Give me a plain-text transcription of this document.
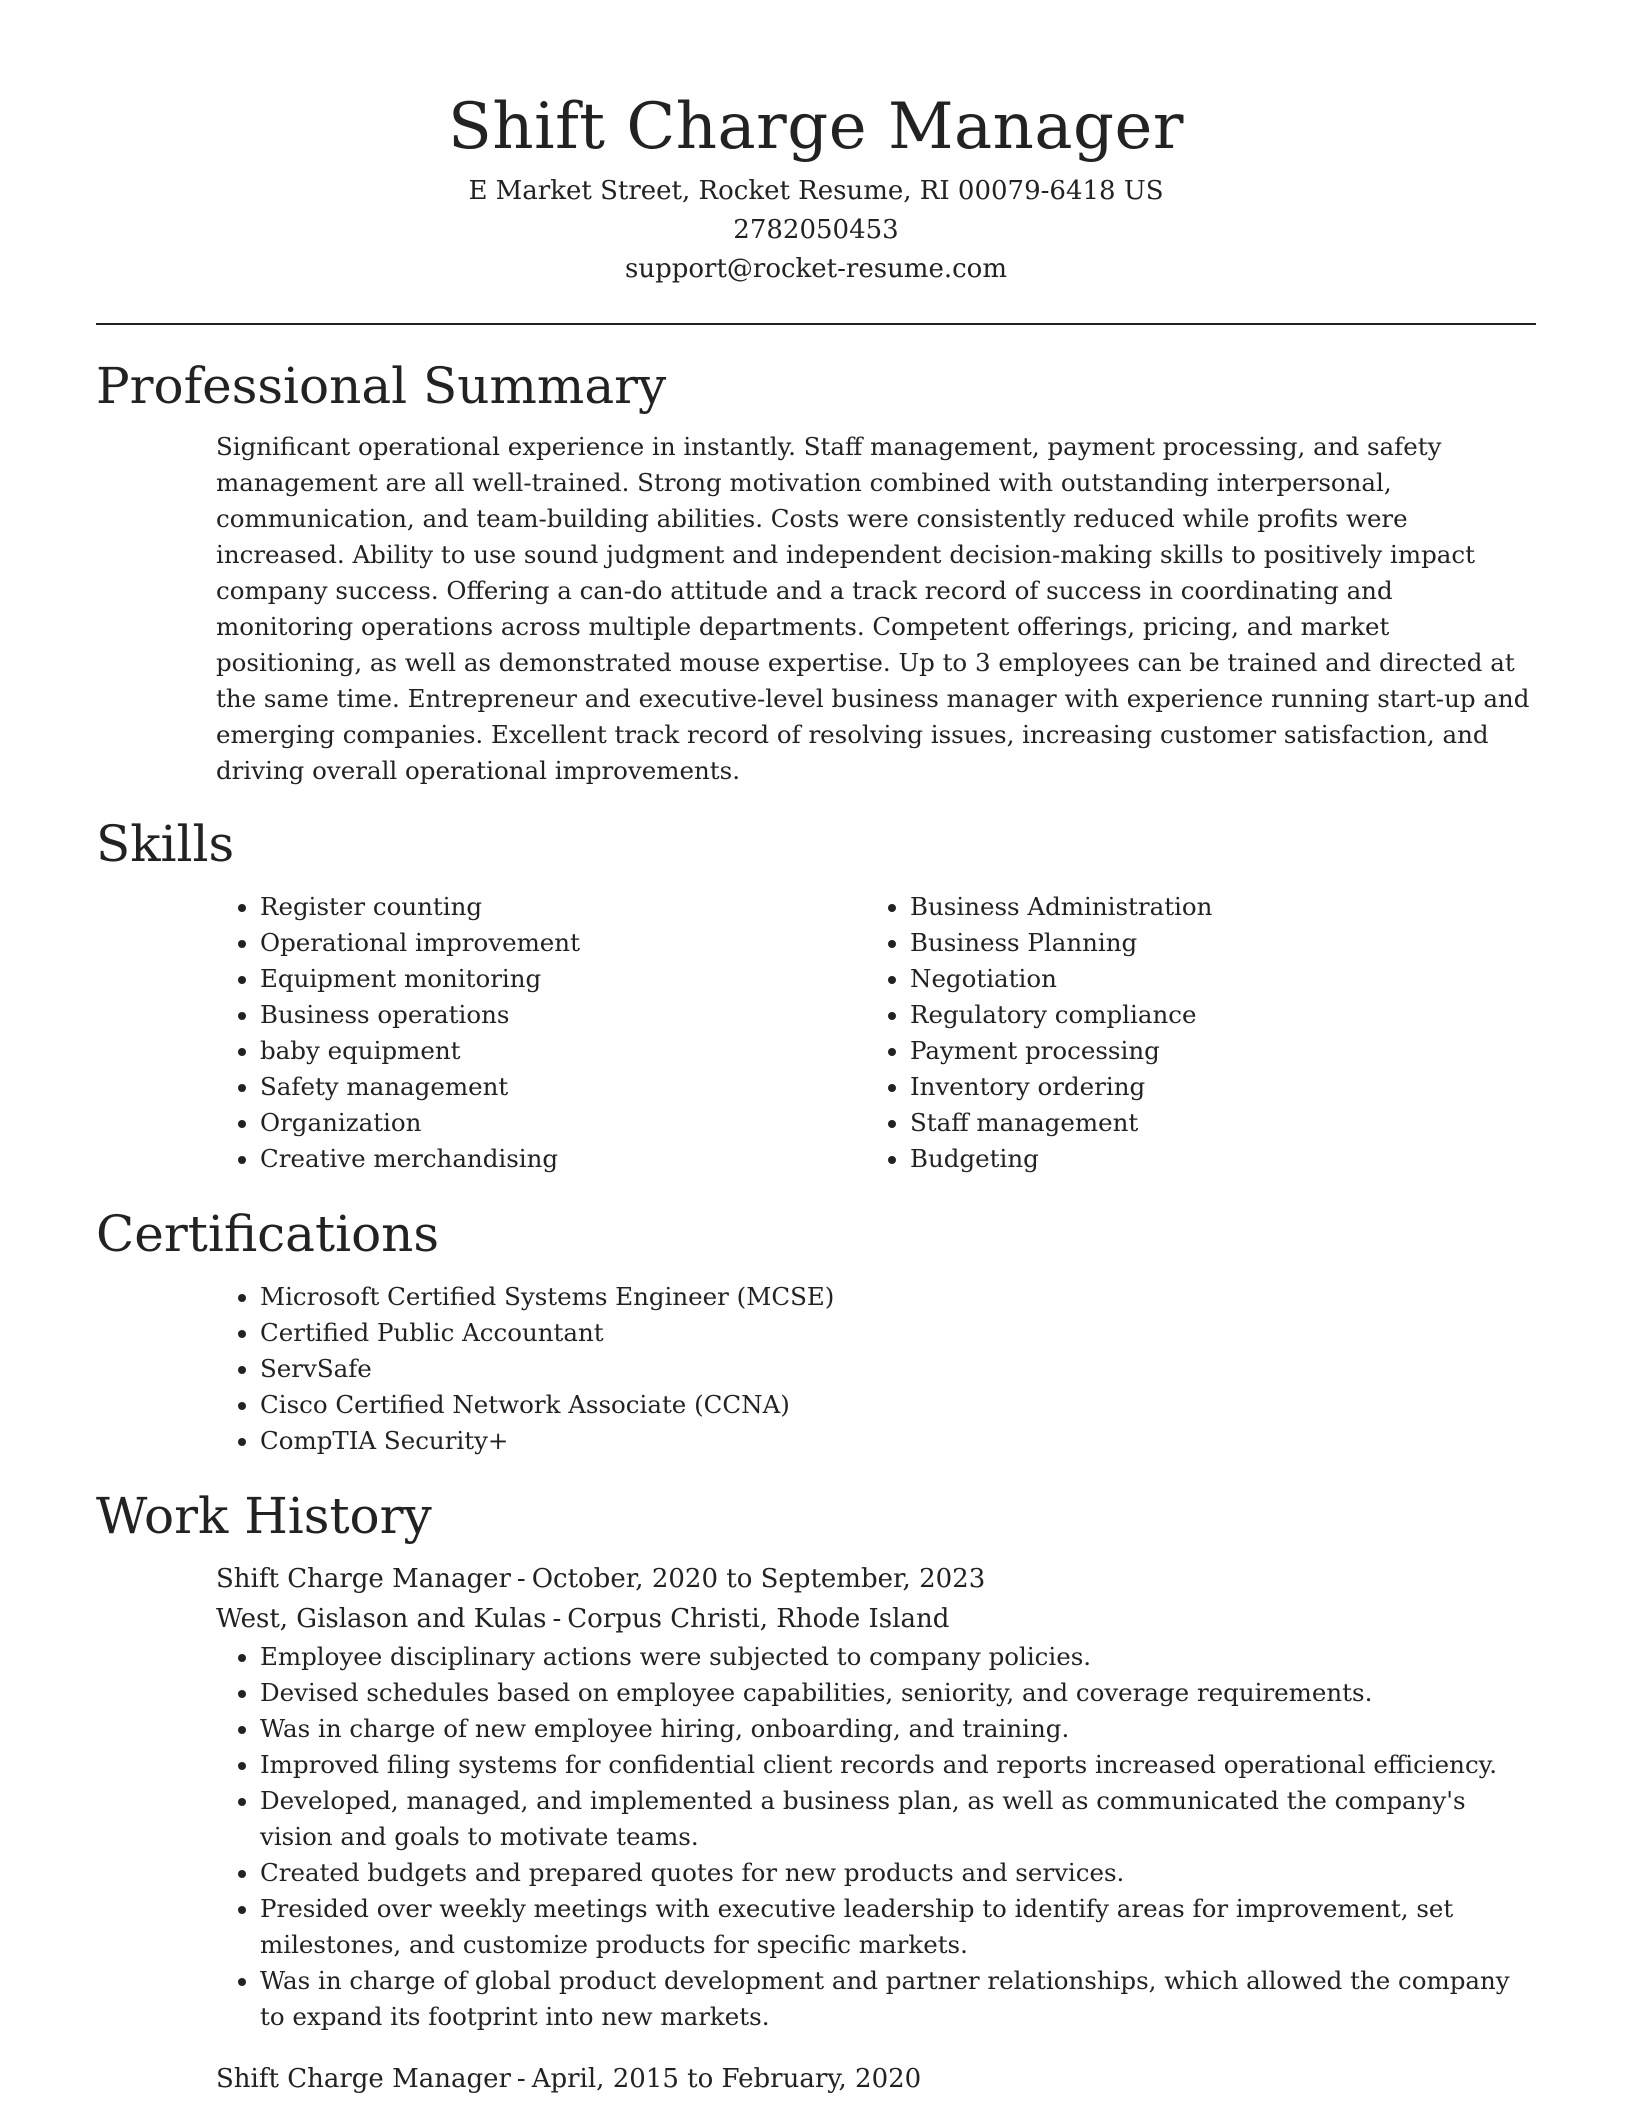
Shift Charge Manager
E Market Street, Rocket Resume, RI 00079-6418 US
2782050453
support@rocket-resume.com
Professional Summary

Significant operational experience in instantly. Staff management, payment processing, and safety management are all well-trained. Strong motivation combined with outstanding interpersonal, communication, and team-building abilities. Costs were consistently reduced while profits were increased. Ability to use sound judgment and independent decision-making skills to positively impact company success. Offering a can-do attitude and a track record of success in coordinating and monitoring operations across multiple departments. Competent offerings, pricing, and market positioning, as well as demonstrated mouse expertise. Up to 3 employees can be trained and directed at the same time. Entrepreneur and executive-level business manager with experience running start-up and emerging companies. Excellent track record of resolving issues, increasing customer satisfaction, and driving overall operational improvements.

Skills
• Register counting
• Operational improvement
• Equipment monitoring
• Business operations
• baby equipment
• Safety management
• Organization
• Creative merchandising
• Business Administration
• Business Planning
• Negotiation
• Regulatory compliance
• Payment processing
• Inventory ordering
• Staff management
• Budgeting
Certifications
• Microsoft Certified Systems Engineer (MCSE)
• Certified Public Accountant
• ServSafe
• Cisco Certified Network Associate (CCNA)
• CompTIA Security+
Work History
Shift Charge Manager - October, 2020 to September, 2023
West, Gislason and Kulas - Corpus Christi, Rhode Island
• Employee disciplinary actions were subjected to company policies.
• Devised schedules based on employee capabilities, seniority, and coverage requirements.
• Was in charge of new employee hiring, onboarding, and training.
• Improved filing systems for confidential client records and reports increased operational efficiency.
• Developed, managed, and implemented a business plan, as well as communicated the company's vision and goals to motivate teams.
• Created budgets and prepared quotes for new products and services.
• Presided over weekly meetings with executive leadership to identify areas for improvement, set milestones, and customize products for specific markets.
• Was in charge of global product development and partner relationships, which allowed the company to expand its footprint into new markets.
Shift Charge Manager - April, 2015 to February, 2020
